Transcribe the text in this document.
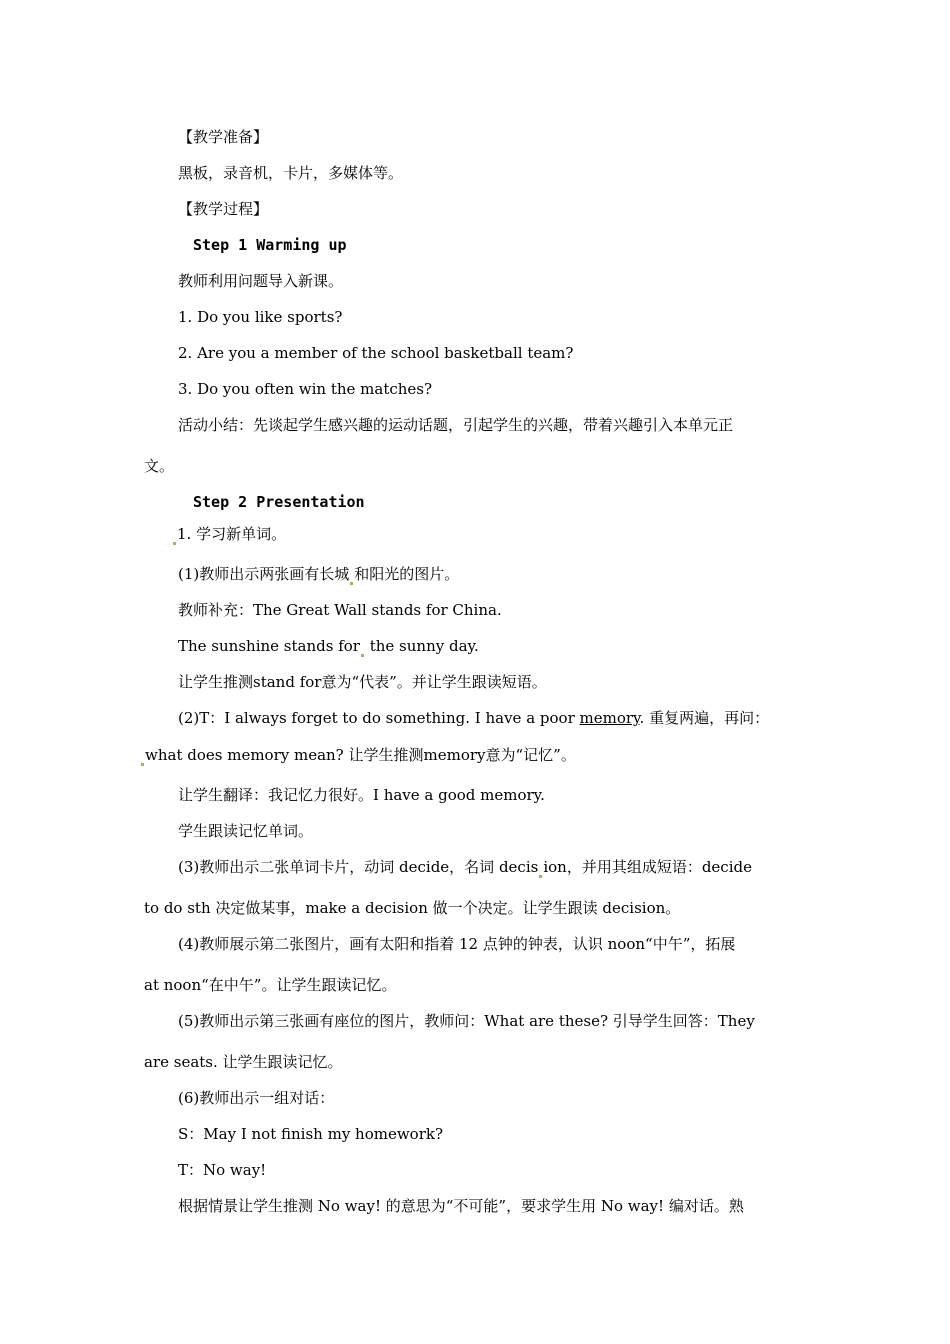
【教学准备】
黑板，录音机，卡片，多媒体等。
【教学过程】
Step 1 Warming up
教师利用问题导入新课。
1. Do you like sports?
2. Are you a member of the school basketball team?
3. Do you often win the matches?
活动小结：先谈起学生感兴趣的运动话题，引起学生的兴趣，带着兴趣引入本单元正
文。
Step 2 Presentation
1. 学习新单词。
(1)教师出示两张画有长城 和阳光的图片。
教师补充：The Great Wall stands for China.
The sunshine stands for the sunny day.
让学生推测stand for意为“代表”。并让学生跟读短语。
(2)T：I always forget to do something. I have a poor memory. 重复两遍，再问：
what does memory mean? 让学生推测memory意为“记忆”。
让学生翻译：我记忆力很好。I have a good memory.
学生跟读记忆单词。
(3)教师出示二张单词卡片，动词 decide，名词 decis ion，并用其组成短语：decide
to do sth 决定做某事，make a decision 做一个决定。让学生跟读 decision。
(4)教师展示第二张图片，画有太阳和指着 12 点钟的钟表，认识 noon“中午”，拓展
at noon“在中午”。让学生跟读记忆。
(5)教师出示第三张画有座位的图片，教师问：What are these? 引导学生回答：They
are seats. 让学生跟读记忆。
(6)教师出示一组对话：
S：May I not finish my homework?
T：No way!
根据情景让学生推测 No way! 的意思为“不可能”，要求学生用 No way! 编对话。熟
